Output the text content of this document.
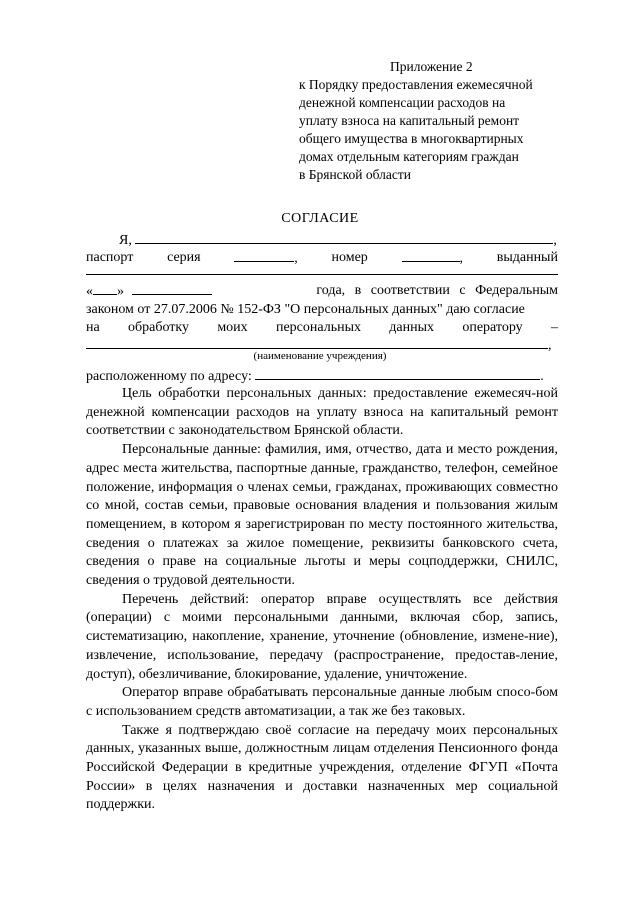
Приложение 2
к Порядку предоставления ежемесячной
денежной компенсации расходов на
уплату взноса на капитальный ремонт
общего имущества в многоквартирных
домах отдельным категориям граждан
в Брянской области
СОГЛАСИЕ
Я,	,
паспорт серия	, номер	, выданный
« »	года, в соответствии с Федеральным
законом от 27.07.2006 № 152-ФЗ "О персональных данных" даю согласие
на обработку моих персональных данных оператору –
,
(наименование учреждения)
расположенному по адресу:	.

Цель обработки персональных данных: предоставление ежемесяч-ной денежной компенсации расходов на уплату взноса на капитальный ремонт соответствии с законодательством Брянской области.

Персональные данные: фамилия, имя, отчество, дата и место рождения, адрес места жительства, паспортные данные, гражданство, телефон, семейное положение, информация о членах семьи, гражданах, проживающих совместно со мной, состав семьи, правовые основания владения и пользования жилым помещением, в котором я зарегистрирован по месту постоянного жительства, сведения о платежах за жилое помещение, реквизиты банковского счета, сведения о праве на социальные льготы и меры соцподдержки, СНИЛС, сведения о трудовой деятельности.

Перечень действий: оператор вправе осуществлять все действия (операции) с моими персональными данными, включая сбор, запись, систематизацию, накопление, хранение, уточнение (обновление, измене-ние), извлечение, использование, передачу (распространение, предостав-ление, доступ), обезличивание, блокирование, удаление, уничтожение.

Оператор вправе обрабатывать персональные данные любым спосо-бом с использованием средств автоматизации, а так же без таковых.

Также я подтверждаю своё согласие на передачу моих персональных данных, указанных выше, должностным лицам отделения Пенсионного фонда Российской Федерации в кредитные учреждения, отделение ФГУП «Почта России» в целях назначения и доставки назначенных мер социальной поддержки.
